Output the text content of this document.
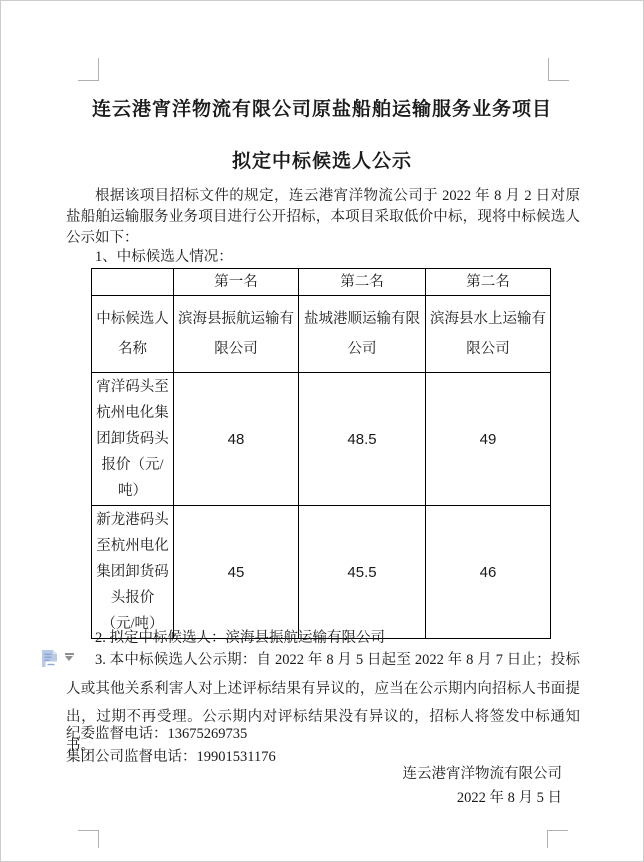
连云港宵洋物流有限公司原盐船舶运输服务业务项目
拟定中标候选人公示
根据该项目招标文件的规定，连云港宵洋物流公司于 2022 年 8 月 2 日对原盐船舶运输服务业务项目进行公开招标，本项目采取低价中标，现将中标候选人公示如下：
1、中标候选人情况：
	第一名	第二名	第二名
中标候选人名称	滨海县振航运输有限公司	盐城港顺运输有限公司	滨海县水上运输有限公司
宵洋码头至杭州电化集团卸货码头报价（元/吨）	48	48.5	49
新龙港码头至杭州电化集团卸货码头报价（元/吨）	45	45.5	46
2. 拟定中标候选人：滨海县振航运输有限公司
3. 本中标候选人公示期：自 2022 年 8 月 5 日起至 2022 年 8 月 7 日止；投标人或其他关系利害人对上述评标结果有异议的，应当在公示期内向招标人书面提出，过期不再受理。公示期内对评标结果没有异议的，招标人将签发中标通知书。
纪委监督电话：13675269735
集团公司监督电话：19901531176
连云港宵洋物流有限公司
2022 年 8 月 5 日
